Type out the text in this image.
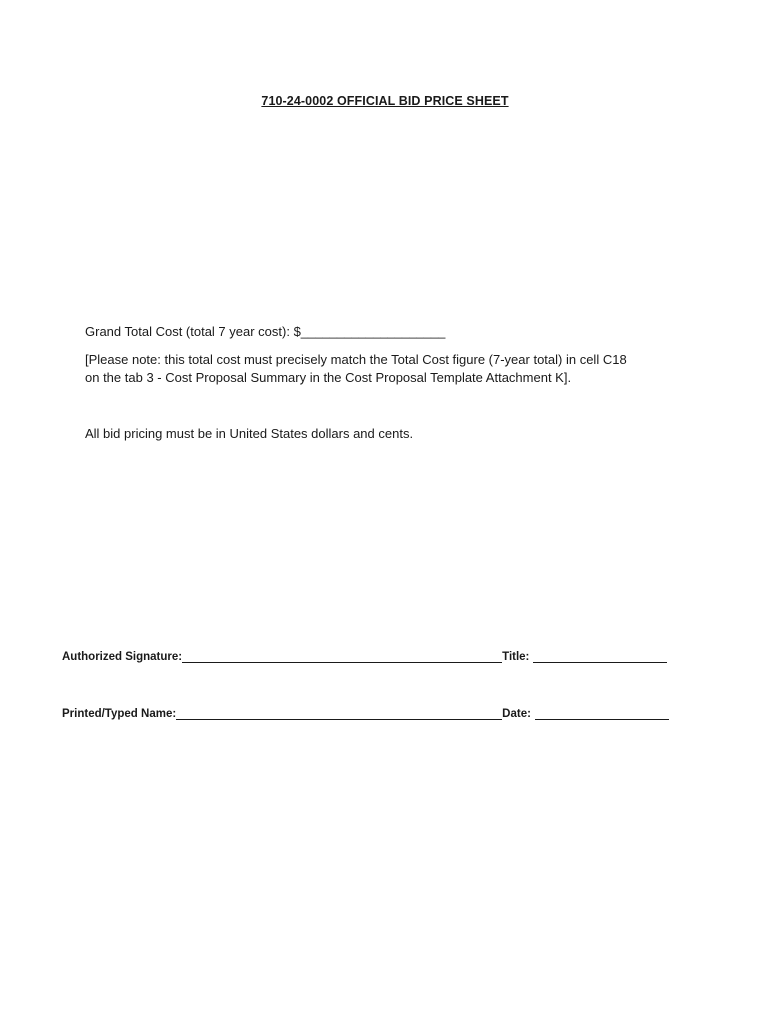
710-24-0002 OFFICIAL BID PRICE SHEET
Grand Total Cost (total 7 year cost): $____________________
[Please note: this total cost must precisely match the Total Cost figure (7-year total) in cell C18
on the tab 3 - Cost Proposal Summary in the Cost Proposal Template Attachment K].
All bid pricing must be in United States dollars and cents.
Authorized Signature:	Title:
Printed/Typed Name:	Date:
